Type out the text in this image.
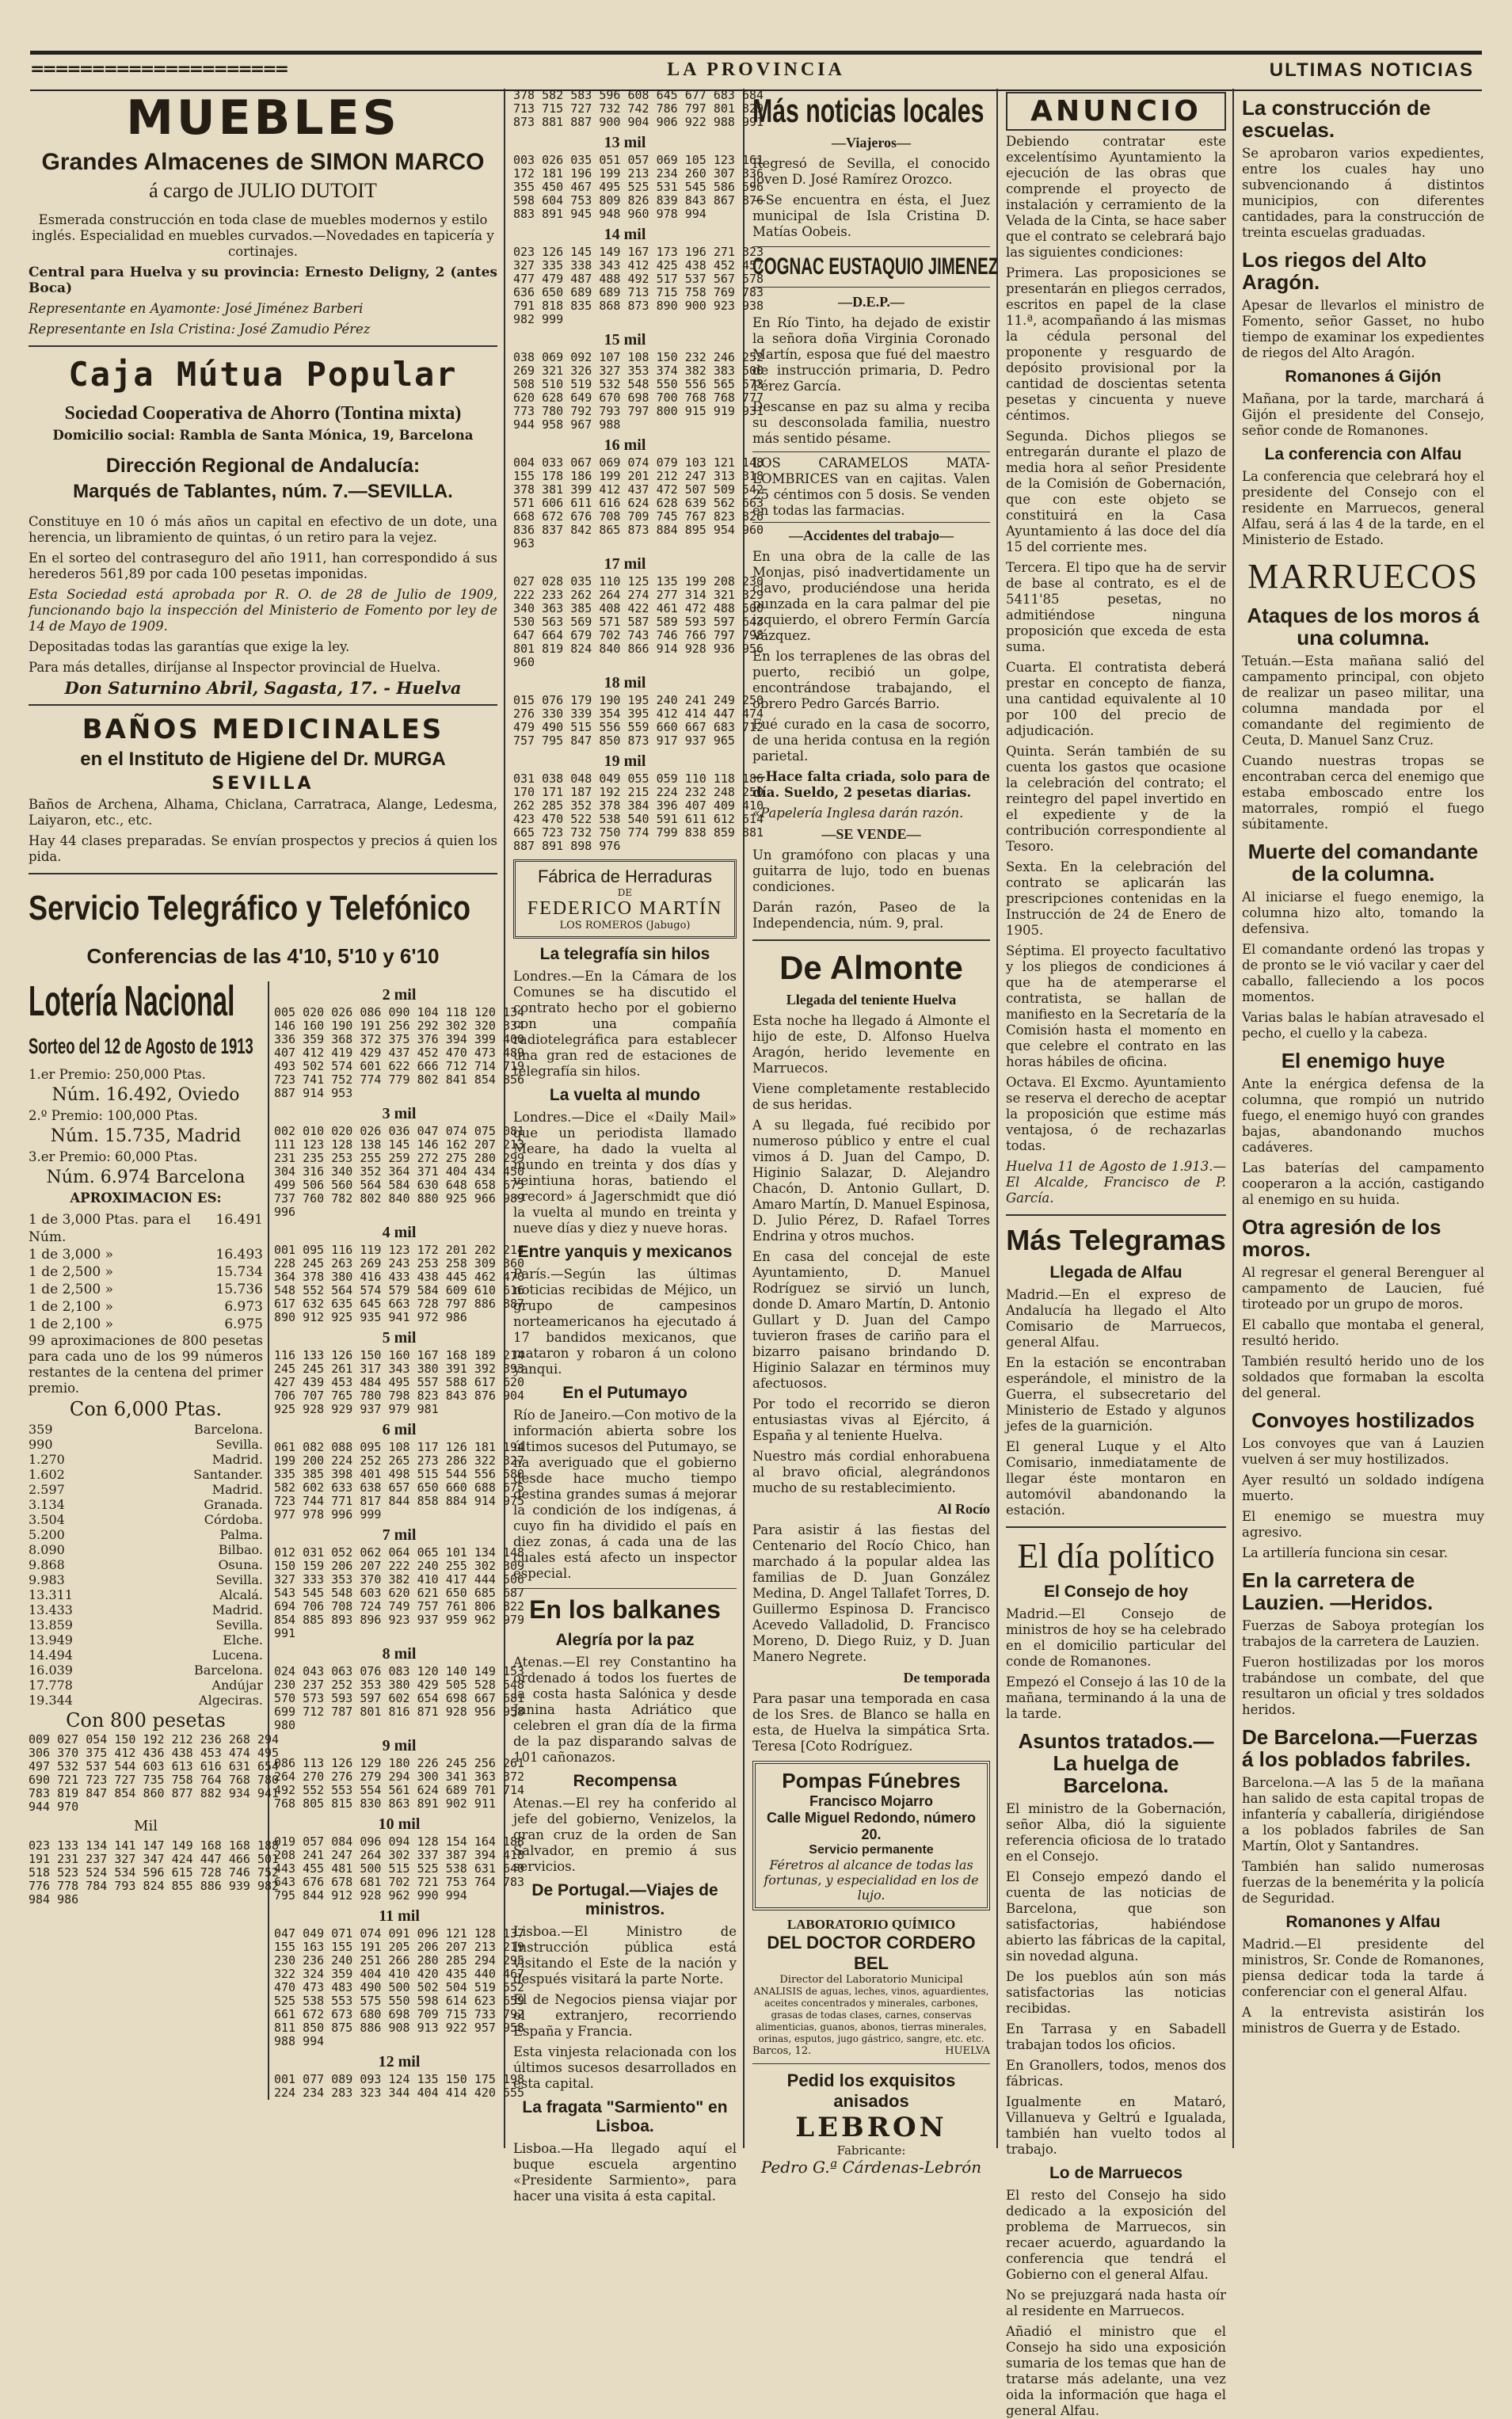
=====================	LA PROVINCIA	ULTIMAS NOTICIAS
MUEBLES
Grandes Almacenes de SIMON MARCO
á cargo de JULIO DUTOIT

Esmerada construcción en toda clase de muebles modernos y estilo inglés. Especialidad en muebles curvados.—Novedades en tapicería y cortinajes.

Central para Huelva y su provincia: Ernesto Deligny, 2 (antes Boca)

Representante en Ayamonte: José Jiménez Barberi

Representante en Isla Cristina: José Zamudio Pérez

Caja Mútua Popular
Sociedad Cooperativa de Ahorro (Tontina mixta)

Domicilio social: Rambla de Santa Mónica, 19, Barcelona

Dirección Regional de Andalucía:
Marqués de Tablantes, núm. 7.—SEVILLA.

Constituye en 10 ó más años un capital en efectivo de un dote, una herencia, un libramiento de quintas, ó un retiro para la vejez.

En el sorteo del contraseguro del año 1911, han correspondido á sus herederos 561,89 por cada 100 pesetas imponidas.

Esta Sociedad está aprobada por R. O. de 28 de Julio de 1909, funcionando bajo la inspección del Ministerio de Fomento por ley de 14 de Mayo de 1909.

Depositadas todas las garantías que exige la ley.

Para más detalles, diríjanse al Inspector provincial de Huelva.

Don Saturnino Abril, Sagasta, 17. - Huelva

BAÑOS MEDICINALES
en el Instituto de Higiene del Dr. MURGA
SEVILLA

Baños de Archena, Alhama, Chiclana, Carratraca, Alange, Ledesma, Laiyaron, etc., etc.

Hay 44 clases preparadas. Se envían prospectos y precios á quien los pida.

Servicio Telegráfico y Telefónico
Conferencias de las 4'10, 5'10 y 6'10
Lotería Nacional
Sorteo del 12 de Agosto de 1913

1.er Premio: 250,000 Ptas.

Núm. 16.492, Oviedo

2.º Premio: 100,000 Ptas.

Núm. 15.735, Madrid

3.er Premio: 60,000 Ptas.

Núm. 6.974 Barcelona

APROXIMACION ES:

1 de 3,000 Ptas. para el Núm.
16.491
1 de 3,000 »	16.493
1 de 2,500 »	15.734
1 de 2,500 »	15.736
1 de 2,100 »	6.973
1 de 2,100 »	6.975

99 aproximaciones de 800 pesetas para cada uno de los 99 números restantes de la centena del primer premio.

Con 6,000 Ptas.

359	Barcelona.
990	Sevilla.
1.270	Madrid.
1.602	Santander.
2.597	Madrid.
3.134	Granada.
3.504	Córdoba.
5.200	Palma.
8.090	Bilbao.
9.868	Osuna.
9.983	Sevilla.
13.311	Alcalá.
13.433	Madrid.
13.859	Sevilla.
13.949	Elche.
14.494	Lucena.
16.039	Barcelona.
17.778	Andújar
19.344	Algeciras.

Con 800 pesetas

009 027 054 150 192 212 236 268 294
306 370 375 412 436 438 453 474 495
497 532 537 544 603 613 616 631 654
690 721 723 727 735 758 764 768 780
783 819 847 854 860 877 882 934 941
944 970

Mil

023 133 134 141 147 149 168 168 188
191 231 237 327 347 424 447 466 501
518 523 524 534 596 615 728 746 752
776 778 784 793 824 855 886 939 982
984 986
2 mil
005 020 026 086 090 104 118 120 134
146 160 190 191 256 292 302 320 334
336 359 368 372 375 376 394 399 400
407 412 419 429 437 452 470 473 489
493 502 574 601 622 666 712 714 719
723 741 752 774 779 802 841 854 856
887 914 953
3 mil
002 010 020 026 036 047 074 075 081
111 123 128 138 145 146 162 207 213
231 235 253 255 259 272 275 280 299
304 316 340 352 364 371 404 434 450
499 506 560 564 584 630 648 658 675
737 760 782 802 840 880 925 966 989
996
4 mil
001 095 116 119 123 172 201 202 214
228 245 263 269 243 253 258 309 360
364 378 380 416 433 438 445 462 470
548 552 564 574 579 584 609 610 616
617 632 635 645 663 728 797 886 887
890 912 925 935 941 972 986
5 mil
116 133 126 150 160 167 168 189 214
245 245 261 317 343 380 391 392 393
427 439 453 484 495 557 588 617 620
706 707 765 780 798 823 843 876 904
925 928 929 937 979 981
6 mil
061 082 088 095 108 117 126 181 194
199 200 224 252 265 273 286 322 327
335 385 398 401 498 515 544 556 580
582 602 633 638 657 650 660 688 675
723 744 771 817 844 858 884 914 975
977 978 996 999
7 mil
012 031 052 062 064 065 101 134 148
150 159 206 207 222 240 255 302 309
327 333 353 370 382 410 417 444 506
543 545 548 603 620 621 650 685 687
694 706 708 724 749 757 761 806 822
854 885 893 896 923 937 959 962 979
991
8 mil
024 043 063 076 083 120 140 149 153
230 237 252 353 380 429 505 528 548
570 573 593 597 602 654 698 667 681
699 712 787 801 816 871 928 956 958
980
9 mil
086 113 126 129 180 226 245 256 261
264 270 276 279 294 300 341 363 372
492 552 553 554 561 624 689 701 714
768 805 815 830 863 891 902 911
10 mil
019 057 084 096 094 128 154 164 188
208 241 247 264 302 337 387 394 418
443 455 481 500 515 525 538 631 640
643 676 678 681 702 721 753 764 783
795 844 912 928 962 990 994
11 mil
047 049 071 074 091 096 121 128 137
155 163 155 191 205 206 207 213 219
230 236 240 251 266 280 285 294 295
322 324 359 404 410 420 435 440 467
470 473 483 490 500 502 504 519 552
525 538 553 575 550 598 614 623 659
661 672 673 680 698 709 715 733 792
811 850 875 886 908 913 922 957 958
988 994
12 mil
001 077 089 093 124 135 150 175 198
224 234 283 323 344 404 414 420 555
378 582 583 596 608 645 677 683 684
713 715 727 732 742 786 797 801 829
873 881 887 900 904 906 922 988 991
13 mil
003 026 035 051 057 069 105 123 161
172 181 196 199 213 234 260 307 336
355 450 467 495 525 531 545 586 596
598 604 753 809 826 839 843 867 876
883 891 945 948 960 978 994
14 mil
023 126 145 149 167 173 196 271 323
327 335 338 343 412 425 438 452 457
477 479 487 488 492 517 537 567 578
636 650 689 689 713 715 758 769 783
791 818 835 868 873 890 900 923 938
982 999
15 mil
038 069 092 107 108 150 232 246 252
269 321 326 327 353 374 382 383 500
508 510 519 532 548 550 556 565 573
620 628 649 670 698 700 768 768 777
773 780 792 793 797 800 915 919 931
944 958 967 988
16 mil
004 033 067 069 074 079 103 121 148
155 178 186 199 201 212 247 313 318
378 381 399 412 437 472 507 509 542
571 606 611 616 624 628 639 562 663
668 672 676 708 709 745 767 823 826
836 837 842 865 873 884 895 954 960
963
17 mil
027 028 035 110 125 135 199 208 230
222 233 262 264 274 277 314 321 329
340 363 385 408 422 461 472 488 500
530 563 569 571 587 589 593 597 643
647 664 679 702 743 746 766 797 798
801 819 824 840 866 914 928 936 956
960
18 mil
015 076 179 190 195 240 241 249 250
276 330 339 354 395 412 414 447 474
479 490 515 556 559 660 667 683 712
757 795 847 850 873 917 937 965
19 mil
031 038 048 049 055 059 110 118 186
170 171 187 192 215 224 232 248 250
262 285 352 378 384 396 407 409 410
423 470 522 538 540 591 611 612 614
665 723 732 750 774 799 838 859 881
887 891 898 976
Fábrica de Herraduras
DE
FEDERICO MARTÍN
LOS ROMEROS (Jabugo)
La telegrafía sin hilos

Londres.—En la Cámara de los Comunes se ha discutido el contrato hecho por el gobierno con una compañía radiotelegráfica para establecer una gran red de estaciones de telegrafía sin hilos.

La vuelta al mundo

Londres.—Dice el «Daily Mail» que un periodista llamado Meare, ha dado la vuelta al mundo en treinta y dos días y veintiuna horas, batiendo el «record» á Jagerschmidt que dió la vuelta al mundo en treinta y nueve días y diez y nueve horas.

Entre yanquis y mexicanos

París.—Según las últimas noticias recibidas de Méjico, un grupo de campesinos norteamericanos ha ejecutado á 17 bandidos mexicanos, que mataron y robaron á un colono yanqui.

En el Putumayo

Río de Janeiro.—Con motivo de la información abierta sobre los últimos sucesos del Putumayo, se ha averiguado que el gobierno desde hace mucho tiempo destina grandes sumas á mejorar la condición de los indígenas, á cuyo fin ha dividido el país en diez zonas, á cada una de las cuales está afecto un inspector especial.

En los balkanes
Alegría por la paz

Atenas.—El rey Constantino ha ordenado á todos los fuertes de la costa hasta Salónica y desde Janina hasta Adriático que celebren el gran día de la firma de la paz disparando salvas de 101 cañonazos.

Recompensa

Atenas.—El rey ha conferido al jefe del gobierno, Venizelos, la gran cruz de la orden de San Salvador, en premio á sus servicios.

De Portugal.—Viajes de ministros.

Lisboa.—El Ministro de Instrucción pública está visitando el Este de la nación y después visitará la parte Norte.

El de Negocios piensa viajar por el extranjero, recorriendo España y Francia.

Esta vinjesta relacionada con los últimos sucesos desarrollados en esta capital.

La fragata "Sarmiento" en Lisboa.

Lisboa.—Ha llegado aquí el buque escuela argentino «Presidente Sarmiento», para hacer una visita á esta capital.

Más noticias locales
—Viajeros—

Regresó de Sevilla, el conocido joven D. José Ramírez Orozco.

—Se encuentra en ésta, el Juez municipal de Isla Cristina D. Matías Oobeis.

COGNAC EUSTAQUIO JIMENEZ
—D.E.P.—

En Río Tinto, ha dejado de existir la señora doña Virginia Coronado Martín, esposa que fué del maestro de instrucción primaria, D. Pedro Pérez García.

Descanse en paz su alma y reciba su desconsolada familia, nuestro más sentido pésame.

LOS CARAMELOS MATA-LOMBRICES van en cajitas. Valen 25 céntimos con 5 dosis. Se venden en todas las farmacias.

—Accidentes del trabajo—

En una obra de la calle de las Monjas, pisó inadvertidamente un clavo, produciéndose una herida punzada en la cara palmar del pie izquierdo, el obrero Fermín García Vázquez.

En los terraplenes de las obras del puerto, recibió un golpe, encontrándose trabajando, el obrero Pedro Garcés Barrio.

Fué curado en la casa de socorro, de una herida contusa en la región parietal.

—Hace falta criada, solo para de día. Sueldo, 2 pesetas diarias.

«Papelería Inglesa darán razón.

—SE VENDE—

Un gramófono con placas y una guitarra de lujo, todo en buenas condiciones.

Darán razón, Paseo de la Independencia, núm. 9, pral.

De Almonte
Llegada del teniente Huelva

Esta noche ha llegado á Almonte el hijo de este, D. Alfonso Huelva Aragón, herido levemente en Marruecos.

Viene completamente restablecido de sus heridas.

A su llegada, fué recibido por numeroso público y entre el cual vimos á D. Juan del Campo, D. Higinio Salazar, D. Alejandro Chacón, D. Antonio Gullart, D. Amaro Martín, D. Manuel Espinosa, D. Julio Pérez, D. Rafael Torres Endrina y otros muchos.

En casa del concejal de este Ayuntamiento, D. Manuel Rodríguez se sirvió un lunch, donde D. Amaro Martín, D. Antonio Gullart y D. Juan del Campo tuvieron frases de cariño para el bizarro paisano brindando D. Higinio Salazar en términos muy afectuosos.

Por todo el recorrido se dieron entusiastas vivas al Ejército, á España y al teniente Huelva.

Nuestro más cordial enhorabuena al bravo oficial, alegrándonos mucho de su restablecimiento.

Al Rocío

Para asistir á las fiestas del Centenario del Rocío Chico, han marchado á la popular aldea las familias de D. Juan González Medina, D. Angel Tallafet Torres, D. Guillermo Espinosa D. Francisco Acevedo Valladolid, D. Francisco Moreno, D. Diego Ruiz, y D. Juan Manero Negrete.

De temporada

Para pasar una temporada en casa de los Sres. de Blanco se halla en esta, de Huelva la simpática Srta. Teresa [Coto Rodríguez.

Pompas Fúnebres
Francisco Mojarro
Calle Miguel Redondo, número 20.
Servicio permanente
Féretros al alcance de todas las fortunas, y especialidad en los de lujo.
LABORATORIO QUÍMICO
DEL DOCTOR CORDERO BEL
Director del Laboratorio Municipal
ANALISIS de aguas, leches, vinos, aguardientes, aceites concentrados y minerales, carbones, grasas de todas clases, carnes, conservas alimenticias, guanos, abonos, tierras minerales, orinas, esputos, jugo gástrico, sangre, etc. etc.
Barcos, 12.	HUELVA
Pedid los exquisitos anisados
LEBRON
Fabricante:
Pedro G.ª Cárdenas-Lebrón
ANUNCIO

Debiendo contratar este excelentísimo Ayuntamiento la ejecución de las obras que comprende el proyecto de instalación y cerramiento de la Velada de la Cinta, se hace saber que el contrato se celebrará bajo las siguientes condiciones:

Primera. Las proposiciones se presentarán en pliegos cerrados, escritos en papel de la clase 11.ª, acompañando á las mismas la cédula personal del proponente y resguardo de depósito provisional por la cantidad de doscientas setenta pesetas y cincuenta y nueve céntimos.

Segunda. Dichos pliegos se entregarán durante el plazo de media hora al señor Presidente de la Comisión de Gobernación, que con este objeto se constituirá en la Casa Ayuntamiento á las doce del día 15 del corriente mes.

Tercera. El tipo que ha de servir de base al contrato, es el de 5411'85 pesetas, no admitiéndose ninguna proposición que exceda de esta suma.

Cuarta. El contratista deberá prestar en concepto de fianza, una cantidad equivalente al 10 por 100 del precio de adjudicación.

Quinta. Serán también de su cuenta los gastos que ocasione la celebración del contrato; el reintegro del papel invertido en el expediente y de la contribución correspondiente al Tesoro.

Sexta. En la celebración del contrato se aplicarán las prescripciones contenidas en la Instrucción de 24 de Enero de 1905.

Séptima. El proyecto facultativo y los pliegos de condiciones á que ha de atemperarse el contratista, se hallan de manifiesto en la Secretaría de la Comisión hasta el momento en que celebre el contrato en las horas hábiles de oficina.

Octava. El Excmo. Ayuntamiento se reserva el derecho de aceptar la proposición que estime más ventajosa, ó de rechazarlas todas.

Huelva 11 de Agosto de 1.913.—El Alcalde, Francisco de P. García.

Más Telegramas
Llegada de Alfau

Madrid.—En el expreso de Andalucía ha llegado el Alto Comisario de Marruecos, general Alfau.

En la estación se encontraban esperándole, el ministro de la Guerra, el subsecretario del Ministerio de Estado y algunos jefes de la guarnición.

El general Luque y el Alto Comisario, inmediatamente de llegar éste montaron en automóvil abandonando la estación.

El día político
El Consejo de hoy

Madrid.—El Consejo de ministros de hoy se ha celebrado en el domicilio particular del conde de Romanones.

Empezó el Consejo á las 10 de la mañana, terminando á la una de la tarde.

Asuntos tratados.— La huelga de Barcelona.

El ministro de la Gobernación, señor Alba, dió la siguiente referencia oficiosa de lo tratado en el Consejo.

El Consejo empezó dando el cuenta de las noticias de Barcelona, que son satisfactorias, habiéndose abierto las fábricas de la capital, sin novedad alguna.

De los pueblos aún son más satisfactorias las noticias recibidas.

En Tarrasa y en Sabadell trabajan todos los oficios.

En Granollers, todos, menos dos fábricas.

Igualmente en Mataró, Villanueva y Geltrú e Igualada, también han vuelto todos al trabajo.

Lo de Marruecos

El resto del Consejo ha sido dedicado a la exposición del problema de Marruecos, sin recaer acuerdo, aguardando la conferencia que tendrá el Gobierno con el general Alfau.

No se prejuzgará nada hasta oír al residente en Marruecos.

Añadió el ministro que el Consejo ha sido una exposición sumaria de los temas que han de tratarse más adelante, una vez oida la información que haga el general Alfau.

La construcción de escuelas.

Se aprobaron varios expedientes, entre los cuales hay uno subvencionando á distintos municipios, con diferentes cantidades, para la construcción de treinta escuelas graduadas.

Los riegos del Alto Aragón.

Apesar de llevarlos el ministro de Fomento, señor Gasset, no hubo tiempo de examinar los expedientes de riegos del Alto Aragón.

Romanones á Gijón

Mañana, por la tarde, marchará á Gijón el presidente del Consejo, señor conde de Romanones.

La conferencia con Alfau

La conferencia que celebrará hoy el presidente del Consejo con el residente en Marruecos, general Alfau, será á las 4 de la tarde, en el Ministerio de Estado.

MARRUECOS
Ataques de los moros á una columna.

Tetuán.—Esta mañana salió del campamento principal, con objeto de realizar un paseo militar, una columna mandada por el comandante del regimiento de Ceuta, D. Manuel Sanz Cruz.

Cuando nuestras tropas se encontraban cerca del enemigo que estaba emboscado entre los matorrales, rompió el fuego súbitamente.

Muerte del comandante de la columna.

Al iniciarse el fuego enemigo, la columna hizo alto, tomando la defensiva.

El comandante ordenó las tropas y de pronto se le vió vacilar y caer del caballo, falleciendo a los pocos momentos.

Varias balas le habían atravesado el pecho, el cuello y la cabeza.

El enemigo huye

Ante la enérgica defensa de la columna, que rompió un nutrido fuego, el enemigo huyó con grandes bajas, abandonando muchos cadáveres.

Las baterías del campamento cooperaron a la acción, castigando al enemigo en su huida.

Otra agresión de los moros.

Al regresar el general Berenguer al campamento de Laucien, fué tiroteado por un grupo de moros.

El caballo que montaba el general, resultó herido.

También resultó herido uno de los soldados que formaban la escolta del general.

Convoyes hostilizados

Los convoyes que van á Lauzien vuelven á ser muy hostilizados.

Ayer resultó un soldado indígena muerto.

El enemigo se muestra muy agresivo.

La artillería funciona sin cesar.

En la carretera de Lauzien. —Heridos.

Fuerzas de Saboya protegían los trabajos de la carretera de Lauzien.

Fueron hostilizadas por los moros trabándose un combate, del que resultaron un oficial y tres soldados heridos.

De Barcelona.—Fuerzas á los poblados fabriles.

Barcelona.—A las 5 de la mañana han salido de esta capital tropas de infantería y caballería, dirigiéndose a los poblados fabriles de San Martín, Olot y Santandres.

También han salido numerosas fuerzas de la benemérita y la policía de Seguridad.

Romanones y Alfau

Madrid.—El presidente del ministros, Sr. Conde de Romanones, piensa dedicar toda la tarde á conferenciar con el general Alfau.

A la entrevista asistirán los ministros de Guerra y de Estado.
